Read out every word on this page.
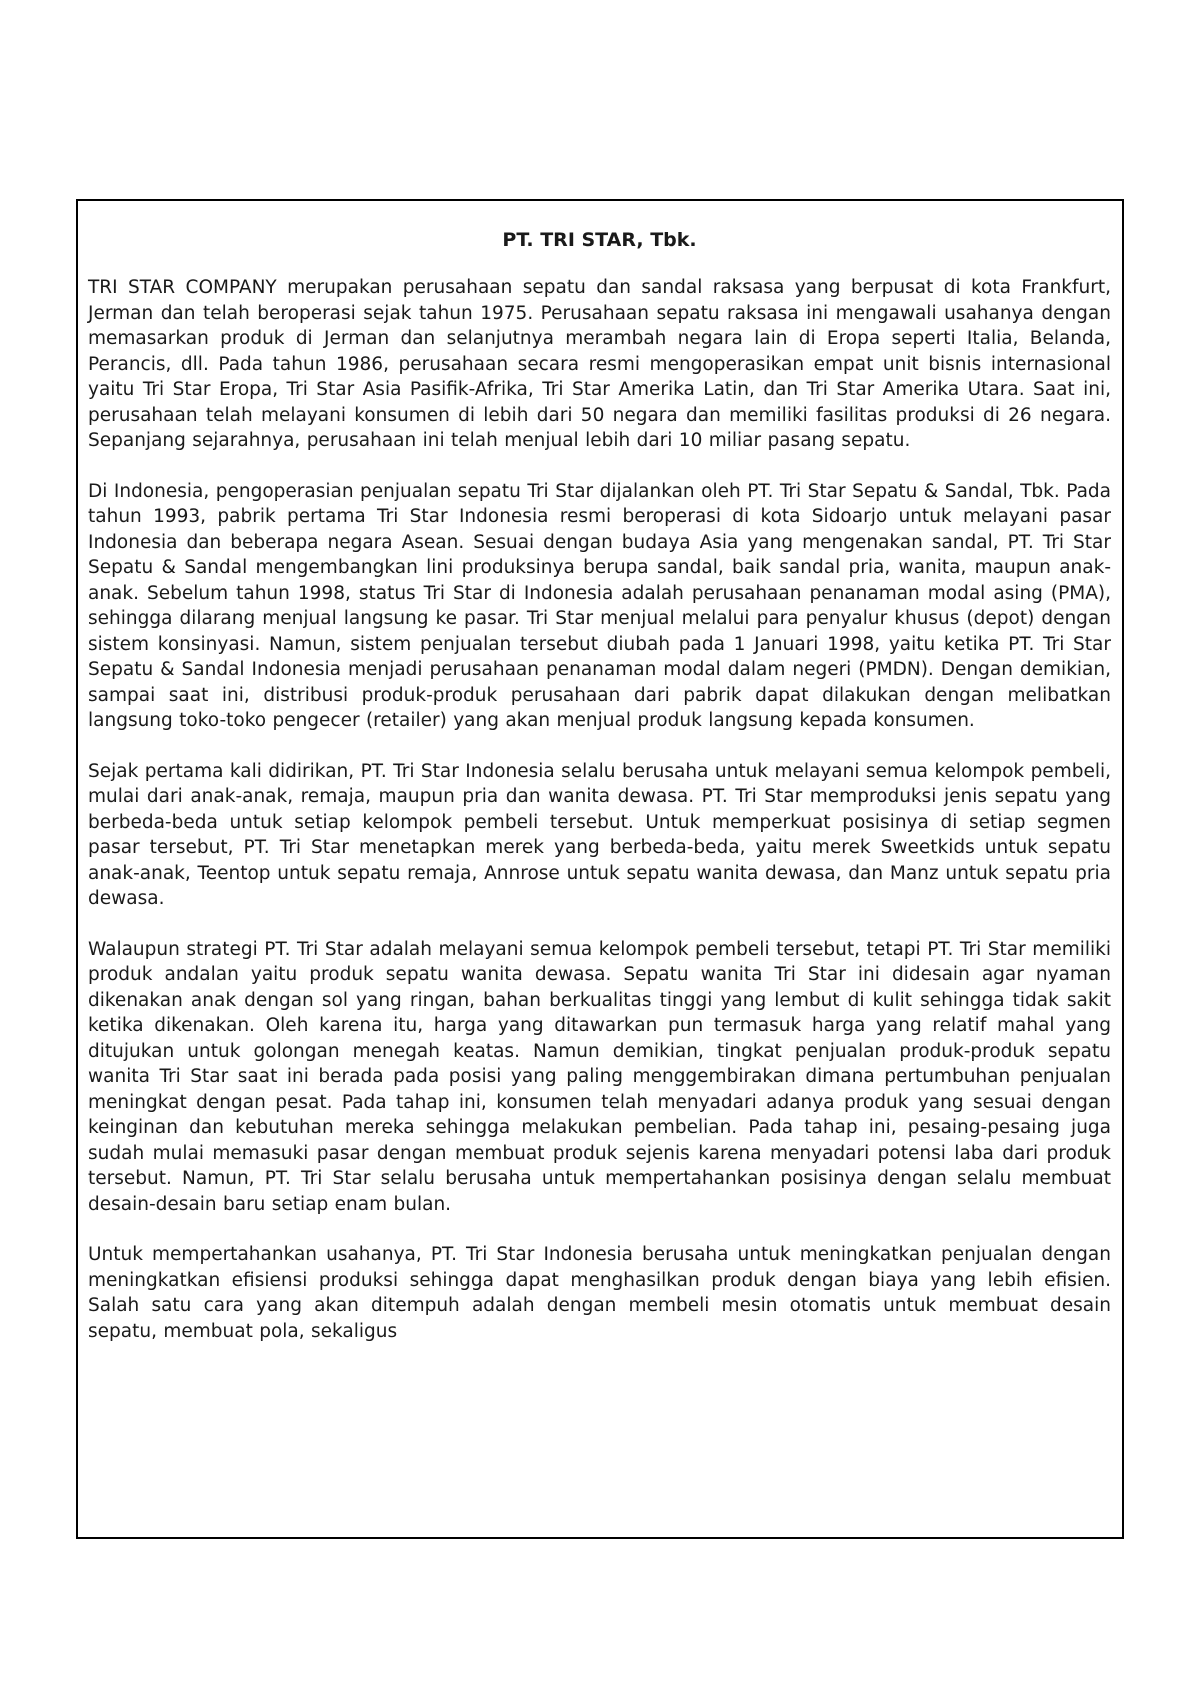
PT. TRI STAR, Tbk.

TRI STAR COMPANY merupakan perusahaan sepatu dan sandal raksasa yang berpusat di kota Frankfurt, Jerman dan telah beroperasi sejak tahun 1975. Perusahaan sepatu raksasa ini mengawali usahanya dengan memasarkan produk di Jerman dan selanjutnya merambah negara lain di Eropa seperti Italia, Belanda, Perancis, dll. Pada tahun 1986, perusahaan secara resmi mengoperasikan empat unit bisnis internasional yaitu Tri Star Eropa, Tri Star Asia Pasifik-Afrika, Tri Star Amerika Latin, dan Tri Star Amerika Utara. Saat ini, perusahaan telah melayani konsumen di lebih dari 50 negara dan memiliki fasilitas produksi di 26 negara. Sepanjang sejarahnya, perusahaan ini telah menjual lebih dari 10 miliar pasang sepatu.

Di Indonesia, pengoperasian penjualan sepatu Tri Star dijalankan oleh PT. Tri Star Sepatu & Sandal, Tbk. Pada tahun 1993, pabrik pertama Tri Star Indonesia resmi beroperasi di kota Sidoarjo untuk melayani pasar Indonesia dan beberapa negara Asean. Sesuai dengan budaya Asia yang mengenakan sandal, PT. Tri Star Sepatu & Sandal mengembangkan lini produksinya berupa sandal, baik sandal pria, wanita, maupun anak-anak. Sebelum tahun 1998, status Tri Star di Indonesia adalah perusahaan penanaman modal asing (PMA), sehingga dilarang menjual langsung ke pasar. Tri Star menjual melalui para penyalur khusus (depot) dengan sistem konsinyasi. Namun, sistem penjualan tersebut diubah pada 1 Januari 1998, yaitu ketika PT. Tri Star Sepatu & Sandal Indonesia menjadi perusahaan penanaman modal dalam negeri (PMDN). Dengan demikian, sampai saat ini, distribusi produk-produk perusahaan dari pabrik dapat dilakukan dengan melibatkan langsung toko-toko pengecer (retailer) yang akan menjual produk langsung kepada konsumen.

Sejak pertama kali didirikan, PT. Tri Star Indonesia selalu berusaha untuk melayani semua kelompok pembeli, mulai dari anak-anak, remaja, maupun pria dan wanita dewasa. PT. Tri Star memproduksi jenis sepatu yang berbeda-beda untuk setiap kelompok pembeli tersebut. Untuk memperkuat posisinya di setiap segmen pasar tersebut, PT. Tri Star menetapkan merek yang berbeda-beda, yaitu merek Sweetkids untuk sepatu anak-anak, Teentop untuk sepatu remaja, Annrose untuk sepatu wanita dewasa, dan Manz untuk sepatu pria dewasa.

Walaupun strategi PT. Tri Star adalah melayani semua kelompok pembeli tersebut, tetapi PT. Tri Star memiliki produk andalan yaitu produk sepatu wanita dewasa. Sepatu wanita Tri Star ini didesain agar nyaman dikenakan anak dengan sol yang ringan, bahan berkualitas tinggi yang lembut di kulit sehingga tidak sakit ketika dikenakan. Oleh karena itu, harga yang ditawarkan pun termasuk harga yang relatif mahal yang ditujukan untuk golongan menegah keatas. Namun demikian, tingkat penjualan produk-produk sepatu wanita Tri Star saat ini berada pada posisi yang paling menggembirakan dimana pertumbuhan penjualan meningkat dengan pesat. Pada tahap ini, konsumen telah menyadari adanya produk yang sesuai dengan keinginan dan kebutuhan mereka sehingga melakukan pembelian. Pada tahap ini, pesaing-pesaing juga sudah mulai memasuki pasar dengan membuat produk sejenis karena menyadari potensi laba dari produk tersebut. Namun, PT. Tri Star selalu berusaha untuk mempertahankan posisinya dengan selalu membuat desain-desain baru setiap enam bulan.

Untuk mempertahankan usahanya, PT. Tri Star Indonesia berusaha untuk meningkatkan penjualan dengan meningkatkan efisiensi produksi sehingga dapat menghasilkan produk dengan biaya yang lebih efisien. Salah satu cara yang akan ditempuh adalah dengan membeli mesin otomatis untuk membuat desain sepatu, membuat pola, sekaligus
